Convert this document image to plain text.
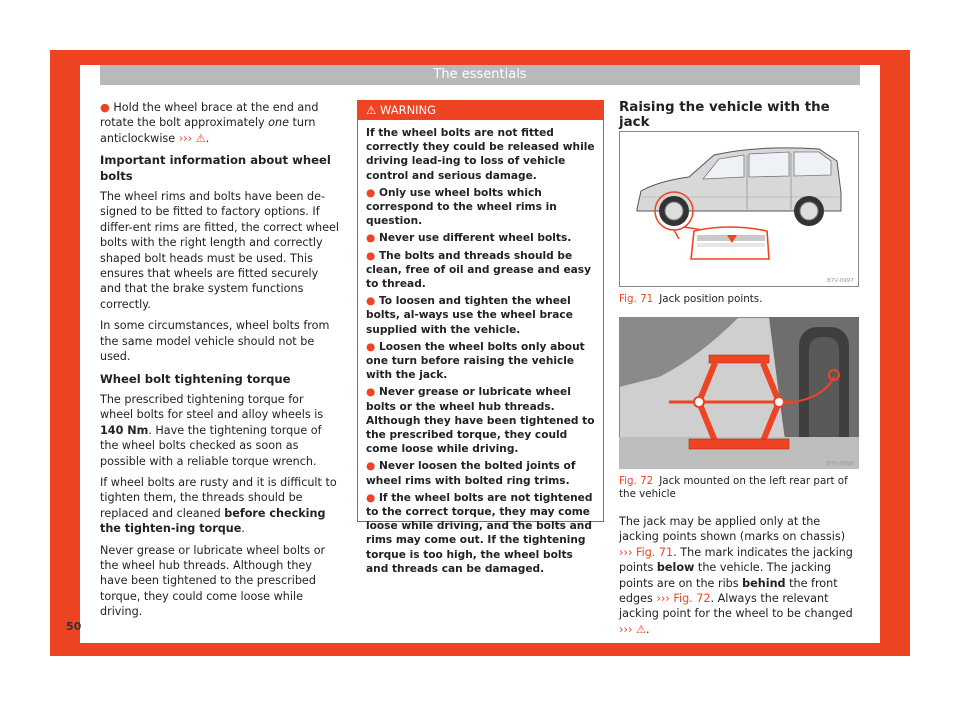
The essentials

● Hold the wheel brace at the end and rotate the bolt approximately one turn anticlockwise ››› ⚠.

Important information about wheel bolts

The wheel rims and bolts have been de-signed to be fitted to factory options. If differ-ent rims are fitted, the correct wheel bolts with the right length and correctly shaped bolt heads must be used. This ensures that wheels are fitted securely and that the brake system functions correctly.

In some circumstances, wheel bolts from the same model vehicle should not be used.

Wheel bolt tightening torque

The prescribed tightening torque for wheel bolts for steel and alloy wheels is 140 Nm. Have the tightening torque of the wheel bolts checked as soon as possible with a reliable torque wrench.

If wheel bolts are rusty and it is difficult to tighten them, the threads should be replaced and cleaned before checking the tighten-ing torque.

Never grease or lubricate wheel bolts or the wheel hub threads. Although they have been tightened to the prescribed torque, they could come loose while driving.

⚠ WARNING

If the wheel bolts are not fitted correctly they could be released while driving lead-ing to loss of vehicle control and serious damage.

● Only use wheel bolts which correspond to the wheel rims in question.

● Never use different wheel bolts.

● The bolts and threads should be clean, free of oil and grease and easy to thread.

● To loosen and tighten the wheel bolts, al-ways use the wheel brace supplied with the vehicle.

● Loosen the wheel bolts only about one turn before raising the vehicle with the jack.

● Never grease or lubricate wheel bolts or the wheel hub threads. Although they have been tightened to the prescribed torque, they could come loose while driving.

● Never loosen the bolted joints of wheel rims with bolted ring trims.

● If the wheel bolts are not tightened to the correct torque, they may come loose while driving, and the bolts and rims may come out. If the tightening torque is too high, the wheel bolts and threads can be damaged.

Raising the vehicle with the jack
B7V-0997
Fig. 71 Jack position points.
B7V-0998
Fig. 72 Jack mounted on the left rear part of the vehicle

The jack may be applied only at the jacking points shown (marks on chassis) ››› Fig. 71. The mark indicates the jacking points below the vehicle. The jacking points are on the ribs behind the front edges ››› Fig. 72. Always the relevant jacking point for the wheel to be changed ››› ⚠.

50
